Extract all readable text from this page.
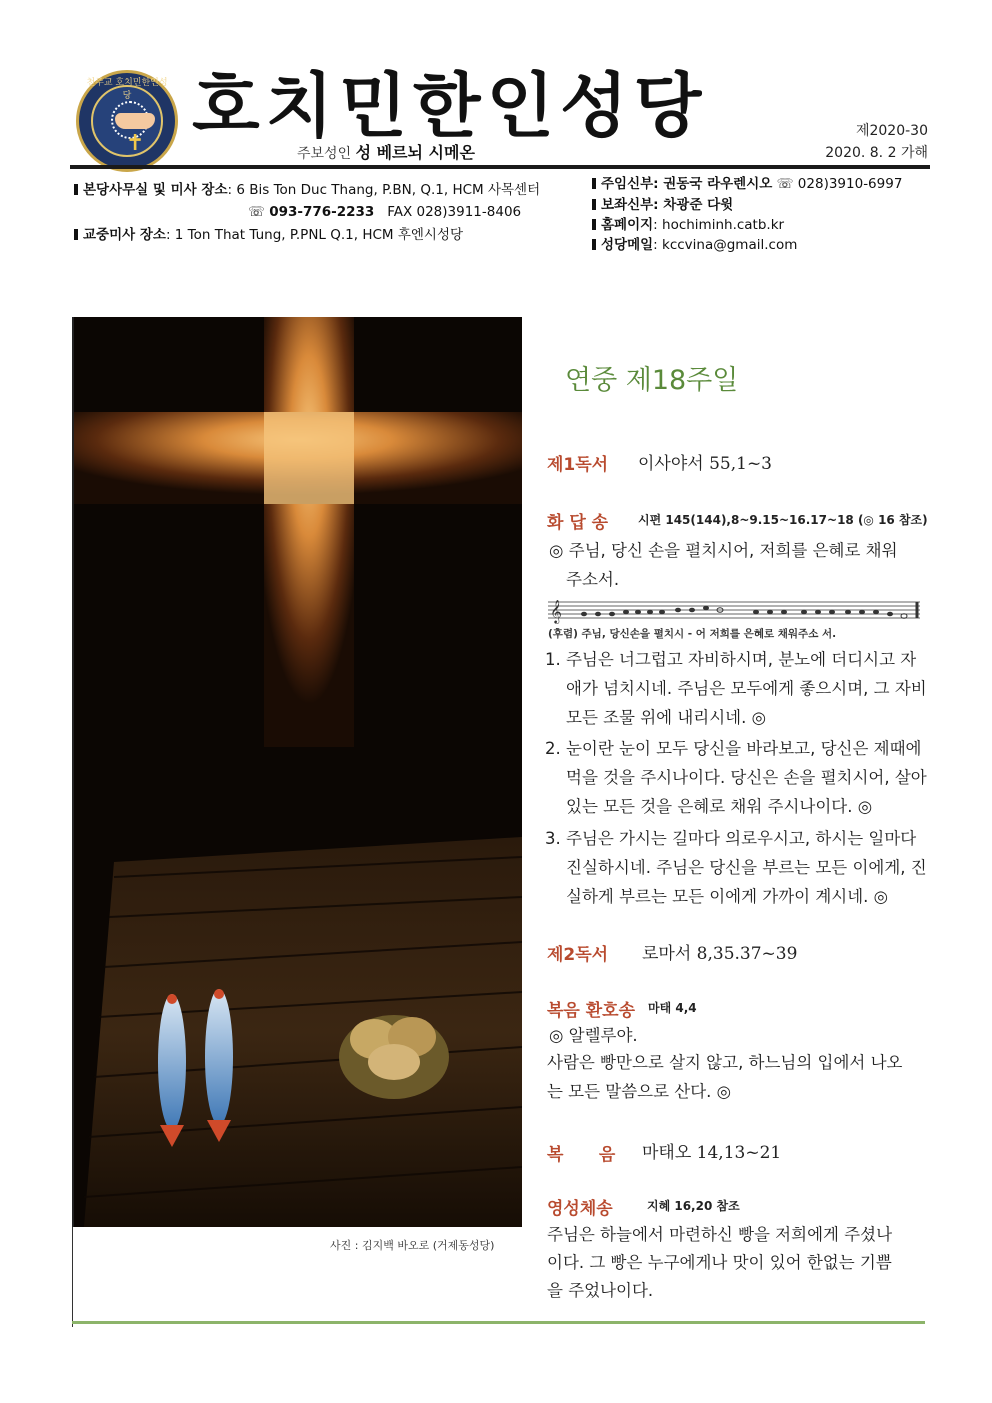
✝
천주교 호치민한인성당 호치민한인성당	제2020-30
2020. 8. 2 가해
주보성인 성 베르뇌 시메온
본당사무실 및 미사 장소: 6 Bis Ton Duc Thang, P.BN, Q.1, HCM 사목센터
☏ 093-776-2233 FAX 028)3911-8406
교중미사 장소: 1 Ton That Tung, P.PNL Q.1, HCM 후엔시성당
주임신부: 권동국 라우렌시오 ☏ 028)3910-6997
보좌신부: 차광준 다윗
홈페이지: hochiminh.catb.kr
성당메일: kccvina@gmail.com
사진 : 김지백 바오로 (거제동성당)
연중 제18주일
제1독서 이사야서 55,1~3
화 답 송 시편 145(144),8~9.15~16.17~18 (◎ 16 참조)
◎ 주님, 당신 손을 펼치시어, 저희를 은혜로 채워
주소서.
𝄞
(후렴) 주님, 당신손을 펼치시 - 어 저희를 은혜로 채워주소 서.
1. 주님은 너그럽고 자비하시며, 분노에 더디시고 자
애가 넘치시네. 주님은 모두에게 좋으시며, 그 자비
모든 조물 위에 내리시네. ◎
2. 눈이란 눈이 모두 당신을 바라보고, 당신은 제때에
먹을 것을 주시나이다. 당신은 손을 펼치시어, 살아
있는 모든 것을 은혜로 채워 주시나이다. ◎
3. 주님은 가시는 길마다 의로우시고, 하시는 일마다
진실하시네. 주님은 당신을 부르는 모든 이에게, 진
실하게 부르는 모든 이에게 가까이 계시네. ◎
제2독서 로마서 8,35.37~39
복음 환호송 마태 4,4
◎ 알렐루야.
사람은 빵만으로 살지 않고, 하느님의 입에서 나오
는 모든 말씀으로 산다. ◎
복      음 마태오 14,13~21
영성체송	지혜 16,20 참조
주님은 하늘에서 마련하신 빵을 저희에게 주셨나
이다. 그 빵은 누구에게나 맛이 있어 한없는 기쁨
을 주었나이다.
